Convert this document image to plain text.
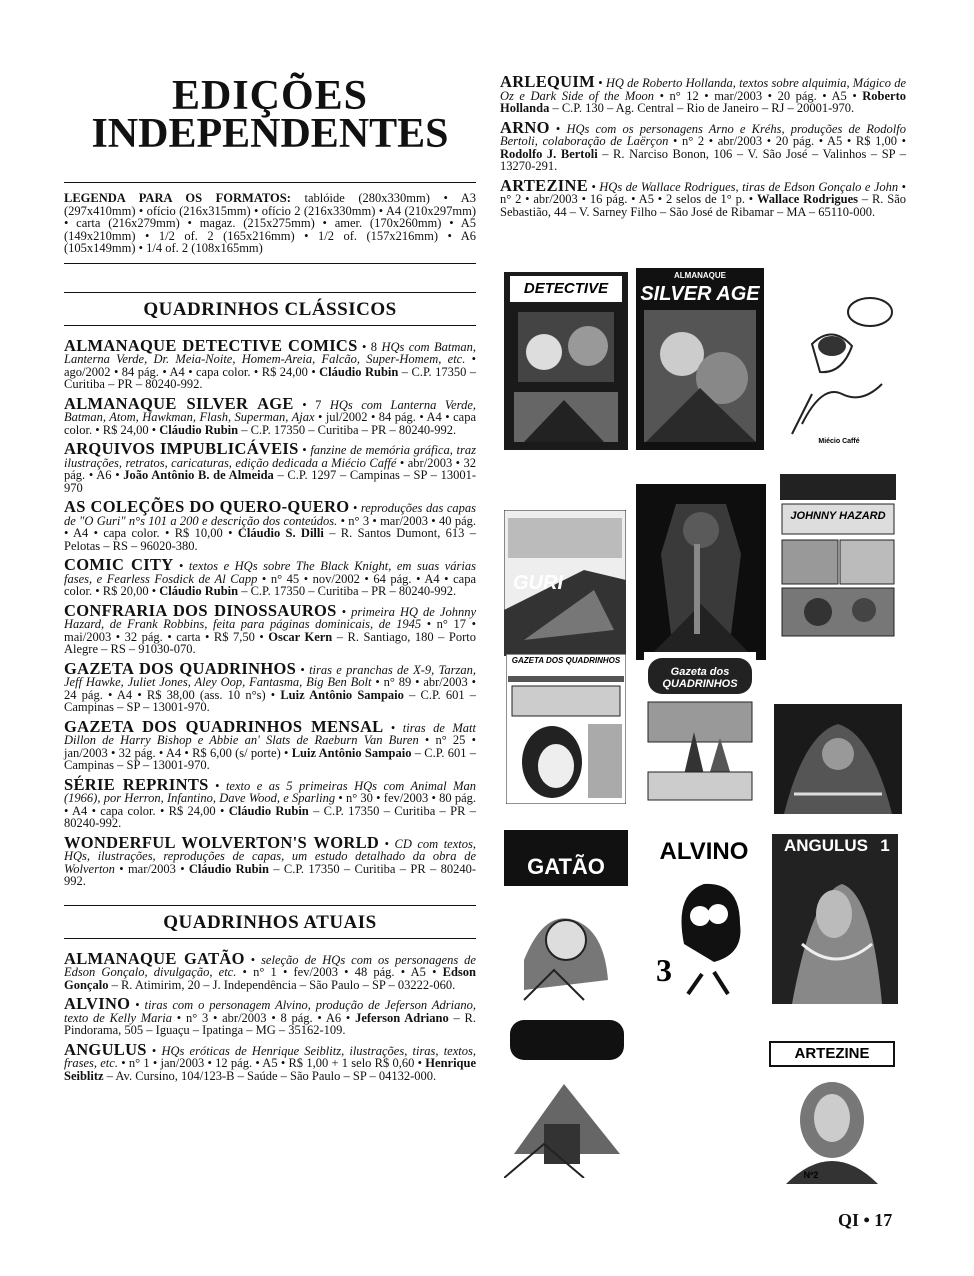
EDIÇÕES
INDEPENDENTES

LEGENDA PARA OS FORMATOS: tablóide (280x330mm) • A3 (297x410mm) • ofício (216x315mm) • ofício 2 (216x330mm) • A4 (210x297mm) • carta (216x279mm) • magaz. (215x275mm) • amer. (170x260mm) • A5 (149x210mm) • 1/2 of. 2 (165x216mm) • 1/2 of. (157x216mm) • A6 (105x149mm) • 1/4 of. 2 (108x165mm)

QUADRINHOS CLÁSSICOS

ALMANAQUE DETECTIVE COMICS • 8 HQs com Batman, Lanterna Verde, Dr. Meia-Noite, Homem-Areia, Falcão, Super-Homem, etc. • ago/2002 • 84 pág. • A4 • capa color. • R$ 24,00 • Cláudio Rubin – C.P. 17350 – Curitiba – PR – 80240-992.

ALMANAQUE SILVER AGE • 7 HQs com Lanterna Verde, Batman, Atom, Hawkman, Flash, Superman, Ajax • jul/2002 • 84 pág. • A4 • capa color. • R$ 24,00 • Cláudio Rubin – C.P. 17350 – Curitiba – PR – 80240-992.

ARQUIVOS IMPUBLICÁVEIS • fanzine de memória gráfica, traz ilustrações, retratos, caricaturas, edição dedicada a Miécio Caffé • abr/2003 • 32 pág. • A6 • João Antônio B. de Almeida – C.P. 1297 – Campinas – SP – 13001-970

AS COLEÇÕES DO QUERO-QUERO • reproduções das capas de "O Guri" n°s 101 a 200 e descrição dos conteúdos. • n° 3 • mar/2003 • 40 pág. • A4 • capa color. • R$ 10,00 • Cláudio S. Dilli – R. Santos Dumont, 613 – Pelotas – RS – 96020-380.

COMIC CITY • textos e HQs sobre The Black Knight, em suas várias fases, e Fearless Fosdick de Al Capp • n° 45 • nov/2002 • 64 pág. • A4 • capa color. • R$ 20,00 • Cláudio Rubin – C.P. 17350 – Curitiba – PR – 80240-992.

CONFRARIA DOS DINOSSAUROS • primeira HQ de Johnny Hazard, de Frank Robbins, feita para páginas dominicais, de 1945 • n° 17 • mai/2003 • 32 pág. • carta • R$ 7,50 • Oscar Kern – R. Santiago, 180 – Porto Alegre – RS – 91030-070.

GAZETA DOS QUADRINHOS • tiras e pranchas de X-9, Tarzan, Jeff Hawke, Juliet Jones, Aley Oop, Fantasma, Big Ben Bolt • n° 89 • abr/2003 • 24 pág. • A4 • R$ 38,00 (ass. 10 n°s) • Luiz Antônio Sampaio – C.P. 601 – Campinas – SP – 13001-970.

GAZETA DOS QUADRINHOS MENSAL • tiras de Matt Dillon de Harry Bishop e Abbie an' Slats de Raeburn Van Buren • n° 25 • jan/2003 • 32 pág. • A4 • R$ 6,00 (s/ porte) • Luiz Antônio Sampaio – C.P. 601 – Campinas – SP – 13001-970.

SÉRIE REPRINTS • texto e as 5 primeiras HQs com Animal Man (1966), por Herron, Infantino, Dave Wood, e Sparling • n° 30 • fev/2003 • 80 pág. • A4 • capa color. • R$ 24,00 • Cláudio Rubin – C.P. 17350 – Curitiba – PR – 80240-992.

WONDERFUL WOLVERTON'S WORLD • CD com textos, HQs, ilustrações, reproduções de capas, um estudo detalhado da obra de Wolverton • mar/2003 • Cláudio Rubin – C.P. 17350 – Curitiba – PR – 80240-992.

QUADRINHOS ATUAIS

ALMANAQUE GATÃO • seleção de HQs com os personagens de Edson Gonçalo, divulgação, etc. • n° 1 • fev/2003 • 48 pág. • A5 • Edson Gonçalo – R. Atimirim, 20 – J. Independência – São Paulo – SP – 03222-060.

ALVINO • tiras com o personagem Alvino, produção de Jeferson Adriano, texto de Kelly Maria • n° 3 • abr/2003 • 8 pág. • A6 • Jeferson Adriano – R. Pindorama, 505 – Iguaçu – Ipatinga – MG – 35162-109.

ANGULUS • HQs eróticas de Henrique Seiblitz, ilustrações, tiras, textos, frases, etc. • n° 1 • jan/2003 • 12 pág. • A5 • R$ 1,00 + 1 selo R$ 0,60 • Henrique Seiblitz – Av. Cursino, 104/123-B – Saúde – São Paulo – SP – 04132-000.

ARLEQUIM • HQ de Roberto Hollanda, textos sobre alquimia, Mágico de Oz e Dark Side of the Moon • n° 12 • mar/2003 • 20 pág. • A5 • Roberto Hollanda – C.P. 130 – Ag. Central – Rio de Janeiro – RJ – 20001-970.

ARNO • HQs com os personagens Arno e Kréhs, produções de Rodolfo Bertoli, colaboração de Laërçon • n° 2 • abr/2003 • 20 pág. • A5 • R$ 1,00 • Rodolfo J. Bertoli – R. Narciso Bonon, 106 – V. São José – Valinhos – SP – 13270-291.

ARTEZINE • HQs de Wallace Rodrigues, tiras de Edson Gonçalo e John • n° 2 • abr/2003 • 16 pág. • A5 • 2 selos de 1° p. • Wallace Rodrigues – R. São Sebastião, 44 – V. Sarney Filho – São José de Ribamar – MA – 65110-000.

DETECTIVE
ALMANAQUE
SILVER AGE
Miécio Caffé
GURI
JOHNNY HAZARD
GAZETA DOS QUADRINHOS
Gazeta dos QUADRINHOS
GATÃO
ALVINO
3
ANGULUS 1
ARTEZINE
Nº2
QI • 17
